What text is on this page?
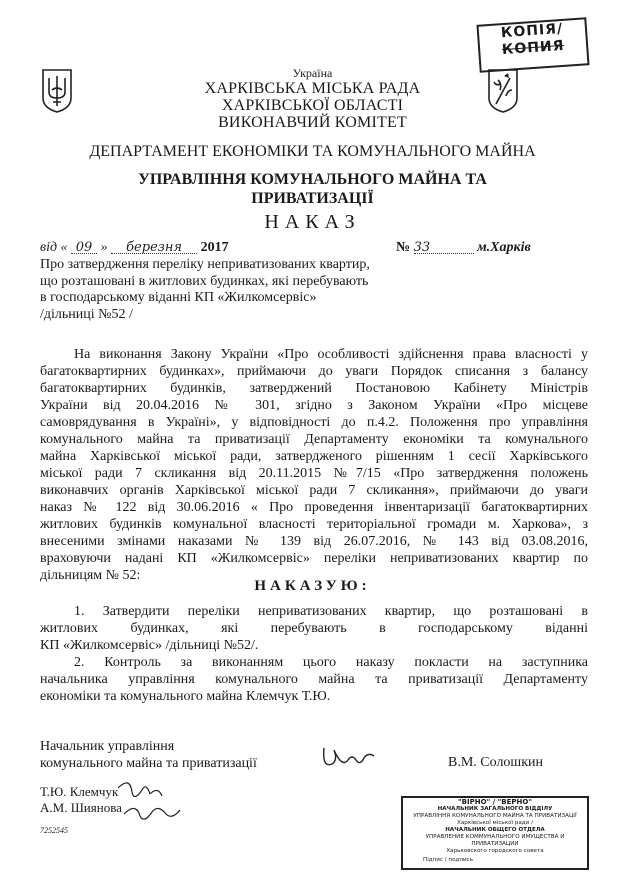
КОПІЯ/
КОПИЯ
Україна
ХАРКІВСЬКА МІСЬКА РАДА
ХАРКІВСЬКОЇ ОБЛАСТІ
ВИКОНАВЧИЙ КОМІТЕТ
ДЕПАРТАМЕНТ ЕКОНОМІКИ ТА КОМУНАЛЬНОГО МАЙНА
УПРАВЛІННЯ КОМУНАЛЬНОГО МАЙНА ТА
ПРИВАТИЗАЦІЇ
НАКАЗ
від « 09 » березня 2017	№ 33	м.Харків
Про затвердження переліку неприватизованих квартир,
що розташовані в житлових будинках, які перебувають
в господарському віданні КП «Жилкомсервіс»
/дільниці №52 /
На виконання Закону України «Про особливості здійснення права власності у
багатоквартирних будинках», приймаючи до уваги Порядок списання з балансу
багатоквартирних будинків, затверджений Постановою Кабінету Міністрів
України від 20.04.2016 № 301, згідно з Законом України «Про місцеве
самоврядування в Україні», у відповідності до п.4.2. Положення про управління
комунального майна та приватизації Департаменту економіки та комунального
майна Харківської міської ради, затвердженого рішенням 1 сесії Харківського
міської ради 7 скликання від 20.11.2015 №7/15 «Про затвердження положень
виконавчих органів Харківської міської ради 7 скликання», приймаючи до уваги
наказ № 122 від 30.06.2016 « Про проведення інвентаризації багатоквартирних
житлових будинків комунальної власності територіальної громади м. Харкова», з
внесеними змінами наказами № 139 від 26.07.2016, № 143 від 03.08.2016,
враховуючи надані КП «Жилкомсервіс» переліки неприватизованих квартир по
дільницям № 52:
НАКАЗУЮ:
1. Затвердити переліки неприватизованих квартир, що розташовані в
житлових будинках, які перебувають в господарському віданні
КП «Жилкомсервіс» /дільниці №52/.
2. Контроль за виконанням цього наказу покласти на заступника
начальника управління комунального майна та приватизації Департаменту
економіки та комунального майна Клемчук Т.Ю.
Начальник управління
комунального майна та приватизації	В.М. Солошкин
Т.Ю. Клемчук
А.М. Шиянова
7252545
"ВІРНО" / "ВЕРНО"
НАЧАЛЬНИК ЗАГАЛЬНОГО ВІДДІЛУ
УПРАВЛІННЯ КОМУНАЛЬНОГО МАЙНА ТА ПРИВАТИЗАЦІЇ
Харківської міської ради /
НАЧАЛЬНИК ОБЩЕГО ОТДЕЛА
УПРАВЛЕНИЕ КОММУНАЛЬНОГО ИМУЩЕСТВА И ПРИВАТИЗАЦИИ
Харьковского городского совета
Підпис / подпись
